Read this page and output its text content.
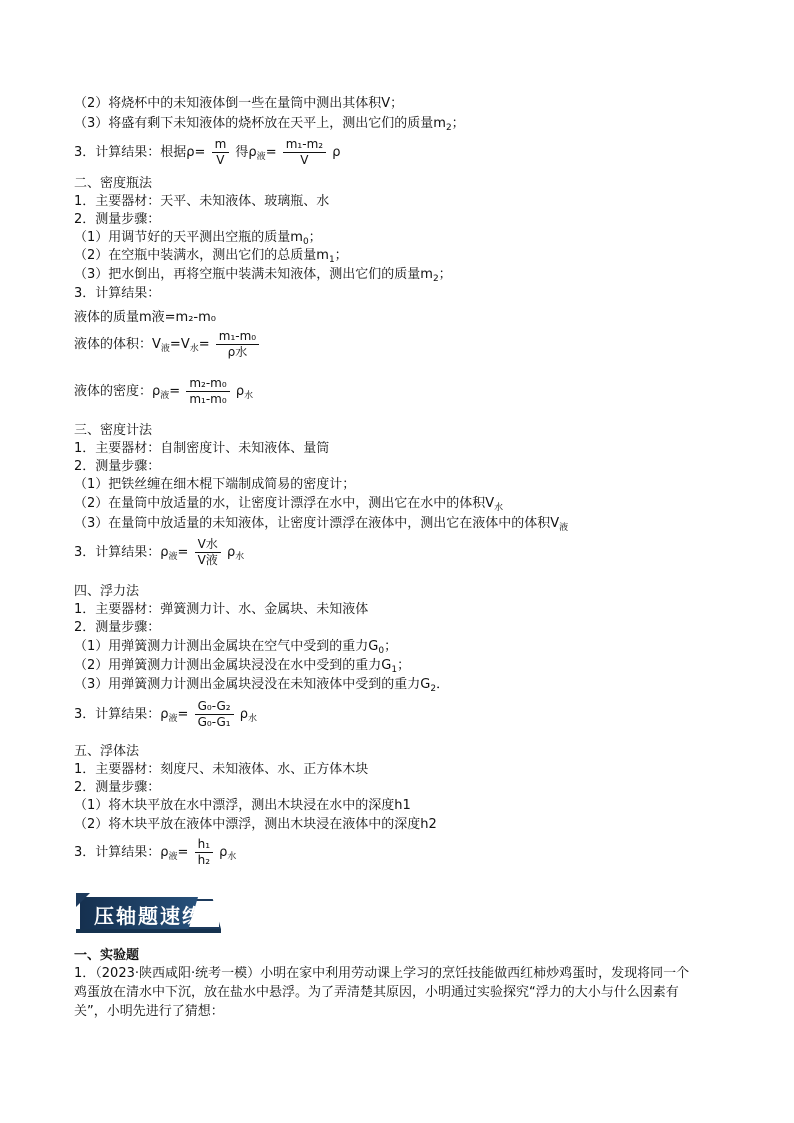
（2）将烧杯中的未知液体倒一些在量筒中测出其体积V；
（3）将盛有剩下未知液体的烧杯放在天平上，测出它们的质量$m_2$；
3．计算结果：根据$\rho= \frac{m}{V}$ 得$\rho_液= \frac{\text{m₁-m₂}}{V}$ ρ
二、密度瓶法
1．主要器材：天平、未知液体、玻璃瓶、水
2．测量步骤：
（1）用调节好的天平测出空瓶的质量$m_0$；
（2）在空瓶中装满水，测出它们的总质量$m_1$；
（3）把水倒出，再将空瓶中装满未知液体，测出它们的质量$m_2$；
3．计算结果：
液体的质量m液=m₂-m₀
液体的体积：$V_液=V_水= \frac{\text{m₁-m₀}}{\text{ρ水}}$
液体的密度：$\rho_液= \frac{\text{m₂-m₀}}{\text{m₁-m₀}} \rho_水$
三、密度计法
1．主要器材：自制密度计、未知液体、量筒
2．测量步骤：
（1）把铁丝缠在细木棍下端制成简易的密度计；
（2）在量筒中放适量的水，让密度计漂浮在水中，测出它在水中的体积$V_水$
（3）在量筒中放适量的未知液体，让密度计漂浮在液体中，测出它在液体中的体积$V_液$
3．计算结果：$\rho_液= \frac{\text{V水}}{\text{V液}} \rho_水$
四、浮力法
1．主要器材：弹簧测力计、水、金属块、未知液体
2．测量步骤：
（1）用弹簧测力计测出金属块在空气中受到的重力$G_0$；
（2）用弹簧测力计测出金属块浸没在水中受到的重力$G_1$；
（3）用弹簧测力计测出金属块浸没在未知液体中受到的重力$G_2$．
3．计算结果：$\rho_液= \frac{\text{G₀-G₂}}{\text{G₀-G₁}} \rho_水$
五、浮体法
1．主要器材：刻度尺、未知液体、水、正方体木块
2．测量步骤：
（1）将木块平放在水中漂浮，测出木块浸在水中的深度h1
（2）将木块平放在液体中漂浮，测出木块浸在液体中的深度h2
3．计算结果：$\rho_液= \frac{\text{h₁}}{\text{h₂}} \rho_水$
压轴题速练
一、实验题
1．（2023·陕西咸阳·统考一模）小明在家中利用劳动课上学习的烹饪技能做西红柿炒鸡蛋时，发现将同一个
鸡蛋放在清水中下沉，放在盐水中悬浮。为了弄清楚其原因，小明通过实验探究“浮力的大小与什么因素有
关”，小明先进行了猜想：
